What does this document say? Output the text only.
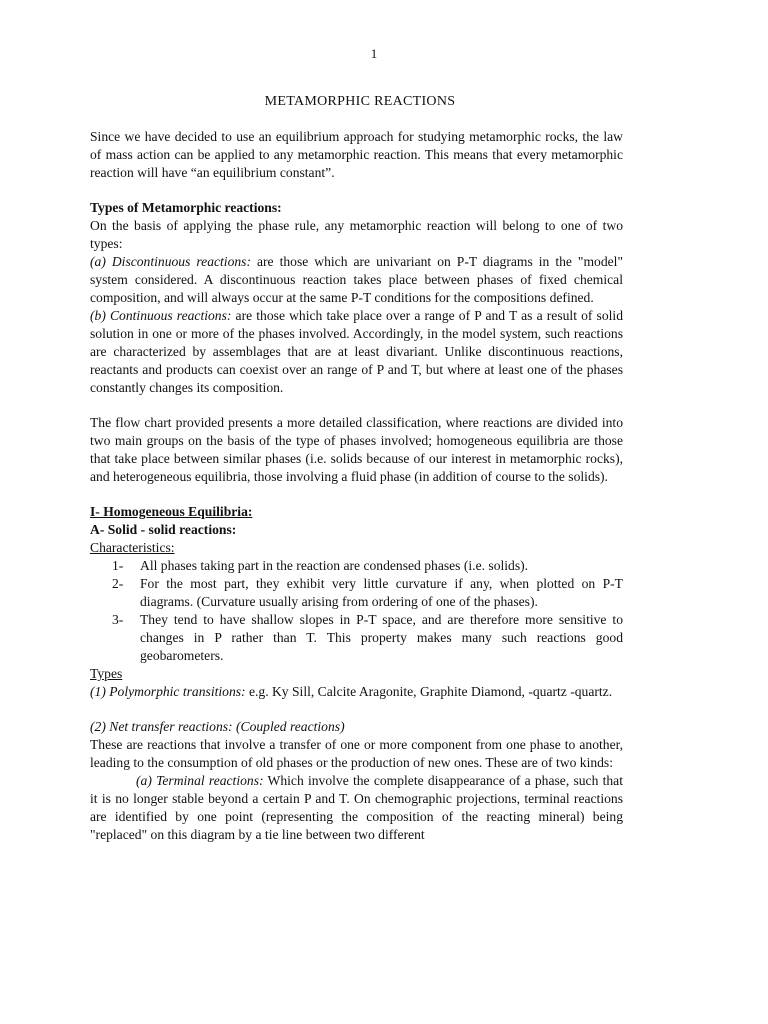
1
METAMORPHIC REACTIONS

Since we have decided to use an equilibrium approach for studying metamorphic rocks, the law of mass action can be applied to any metamorphic reaction. This means that every metamorphic reaction will have “an equilibrium constant”.

Types of Metamorphic reactions:

On the basis of applying the phase rule, any metamorphic reaction will belong to one of two types:

(a) Discontinuous reactions: are those which are univariant on P-T diagrams in the "model" system considered. A discontinuous reaction takes place between phases of fixed chemical composition, and will always occur at the same P-T conditions for the compositions defined.

(b) Continuous reactions: are those which take place over a range of P and T as a result of solid solution in one or more of the phases involved. Accordingly, in the model system, such reactions are characterized by assemblages that are at least divariant. Unlike discontinuous reactions, reactants and products can coexist over an range of P and T, but where at least one of the phases constantly changes its composition.

The flow chart provided presents a more detailed classification, where reactions are divided into two main groups on the basis of the type of phases involved; homogeneous equilibria are those that take place between similar phases (i.e. solids because of our interest in metamorphic rocks), and heterogeneous equilibria, those involving a fluid phase (in addition of course to the solids).

I- Homogeneous Equilibria:

A- Solid - solid reactions:

Characteristics:

1- All phases taking part in the reaction are condensed phases (i.e. solids).
2- For the most part, they exhibit very little curvature if any, when plotted on P-T diagrams. (Curvature usually arising from ordering of one of the phases).
3- They tend to have shallow slopes in P-T space, and are therefore more sensitive to changes in P rather than T. This property makes many such reactions good geobarometers.

Types

(1) Polymorphic transitions: e.g. Ky Sill, Calcite Aragonite, Graphite Diamond, -quartz -quartz.

(2) Net transfer reactions: (Coupled reactions)

These are reactions that involve a transfer of one or more component from one phase to another, leading to the consumption of old phases or the production of new ones. These are of two kinds:

(a) Terminal reactions: Which involve the complete disappearance of a phase, such that it is no longer stable beyond a certain P and T. On chemographic projections, terminal reactions are identified by one point (representing the composition of the reacting mineral) being "replaced" on this diagram by a tie line between two different
